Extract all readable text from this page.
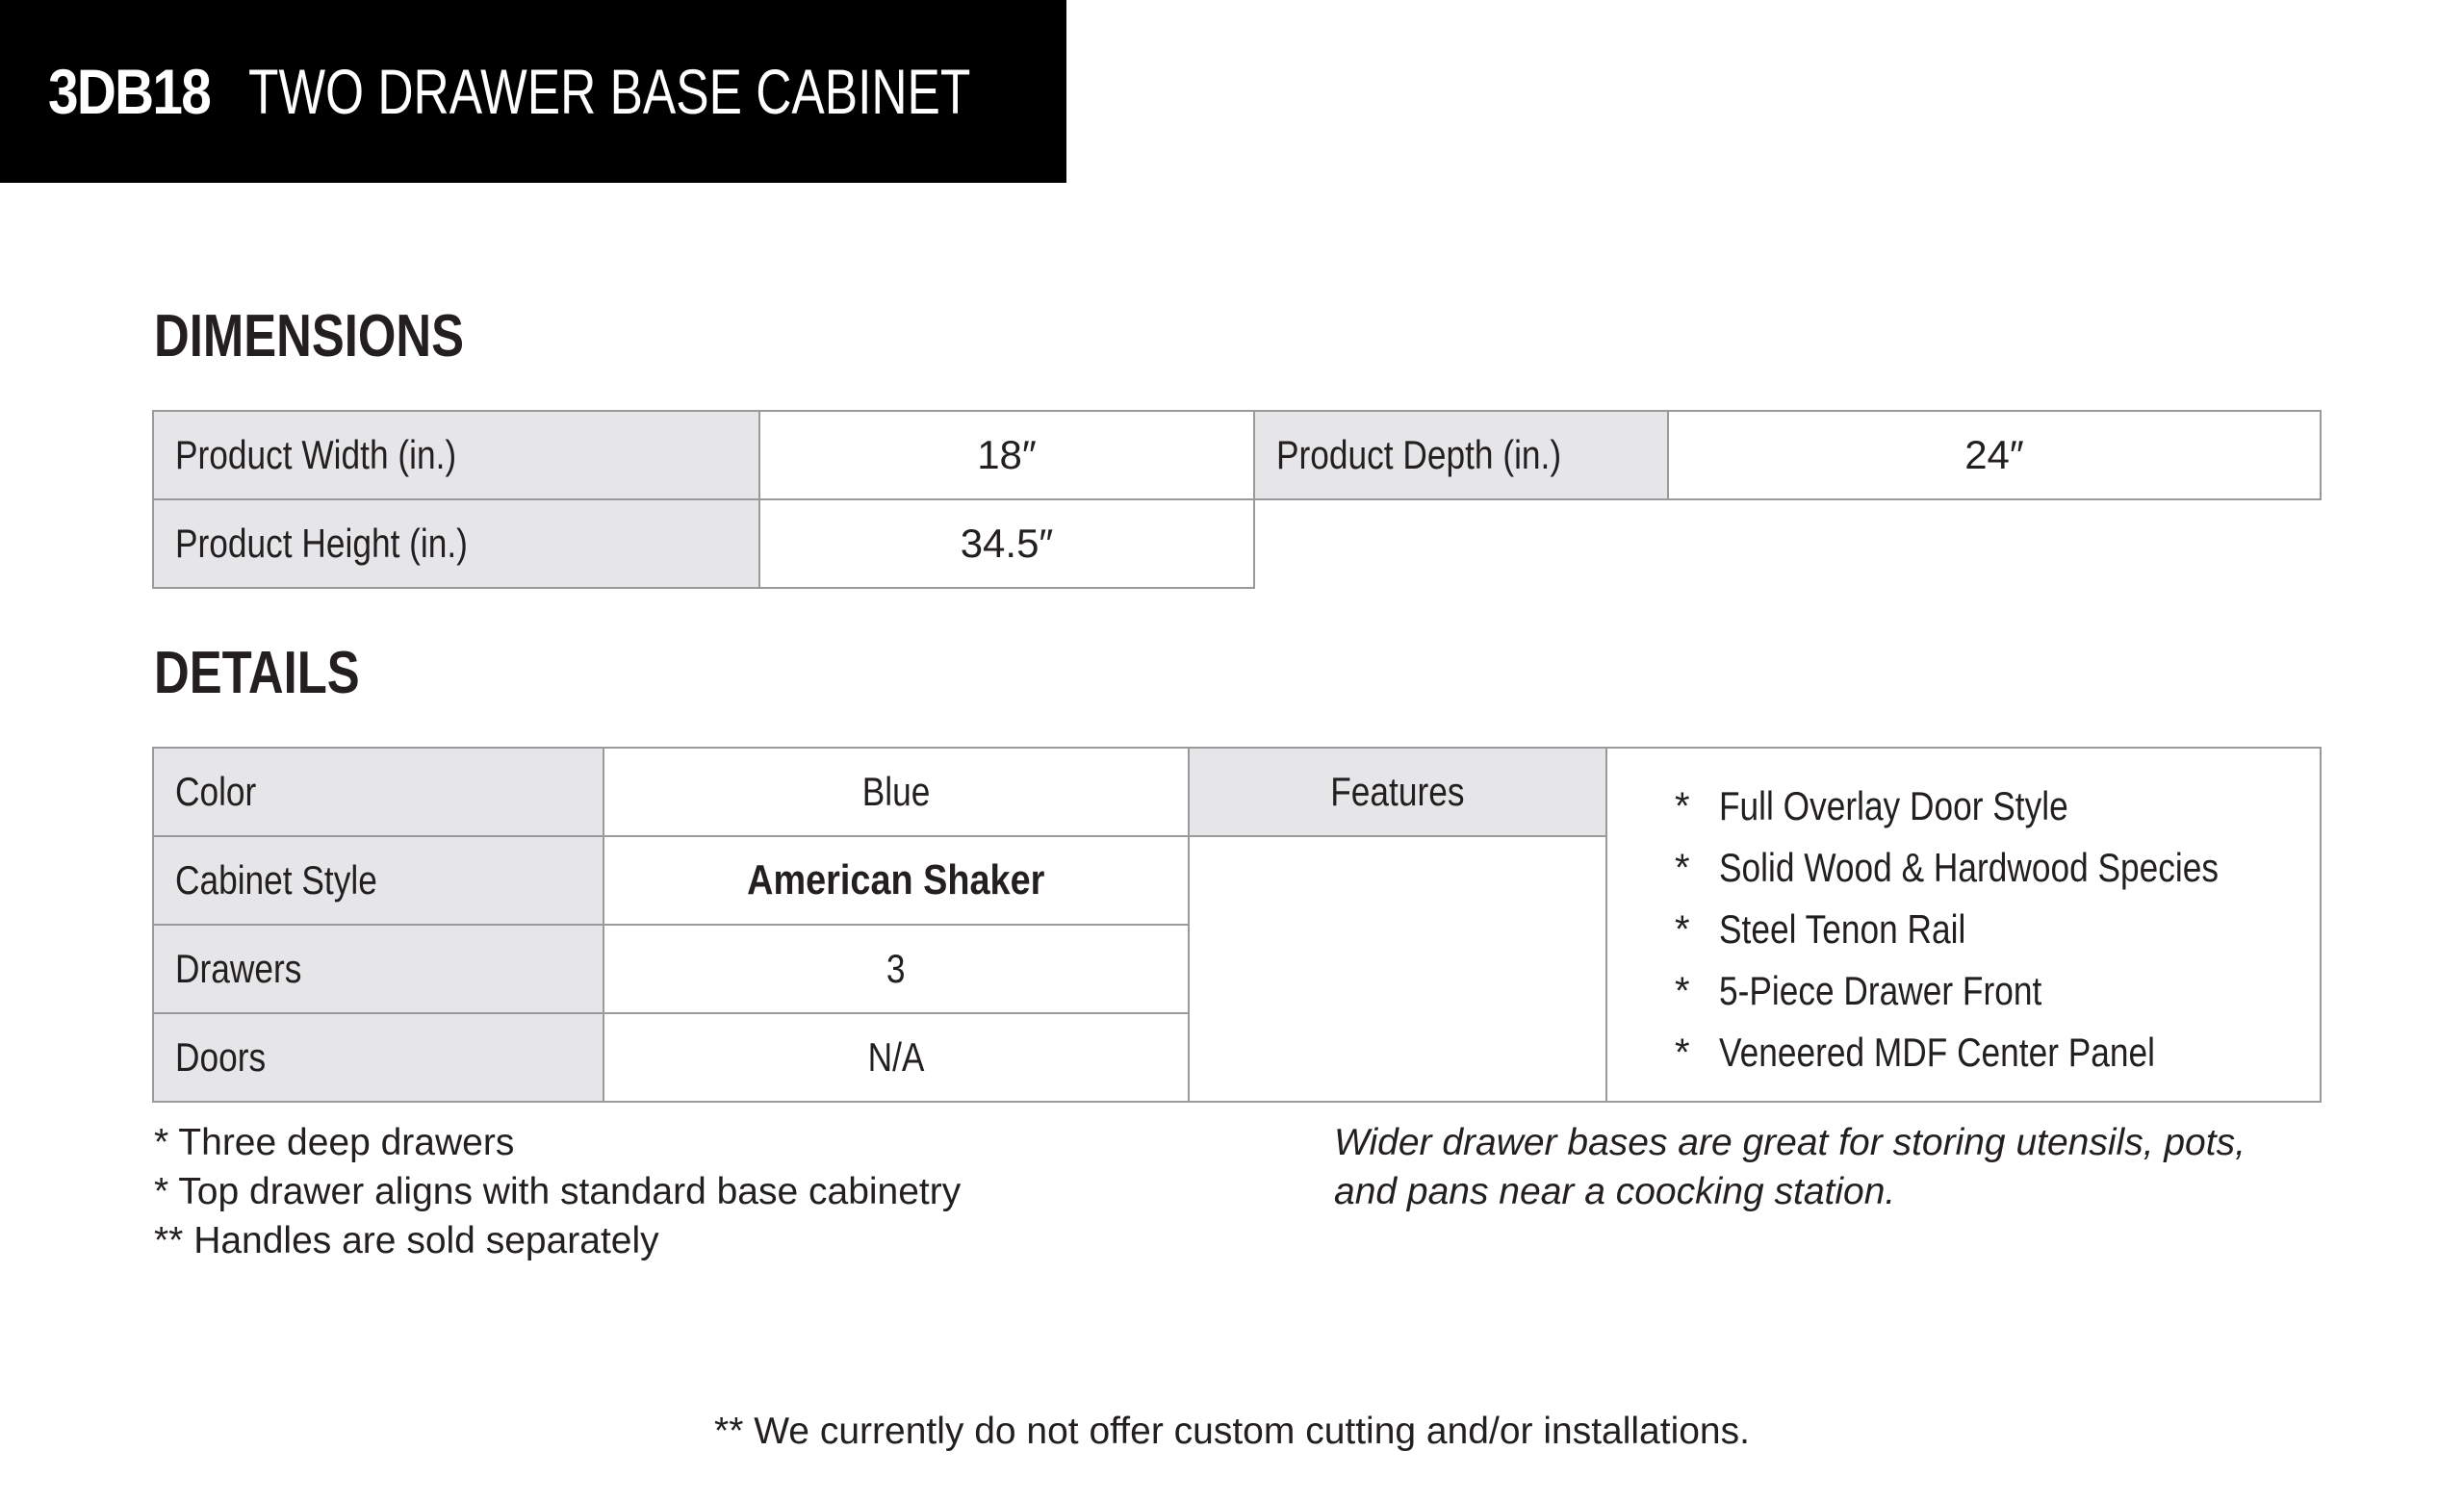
3DB18 TWO DRAWER BASE CABINET
DIMENSIONS
Product Width (in.)	18″	Product Depth (in.)	24″
Product Height (in.)	34.5″
DETAILS
Color	Blue
Cabinet Style	American Shaker
Drawers	3
Doors	N/A
Features	* Full Overlay Door Style
* Solid Wood & Hardwood Species
* Steel Tenon Rail
* 5-Piece Drawer Front
* Veneered MDF Center Panel
* Three deep drawers
* Top drawer aligns with standard base cabinetry
** Handles are sold separately
Wider drawer bases are great for storing utensils, pots,
and pans near a coocking station.
** We currently do not offer custom cutting and/or installations.
